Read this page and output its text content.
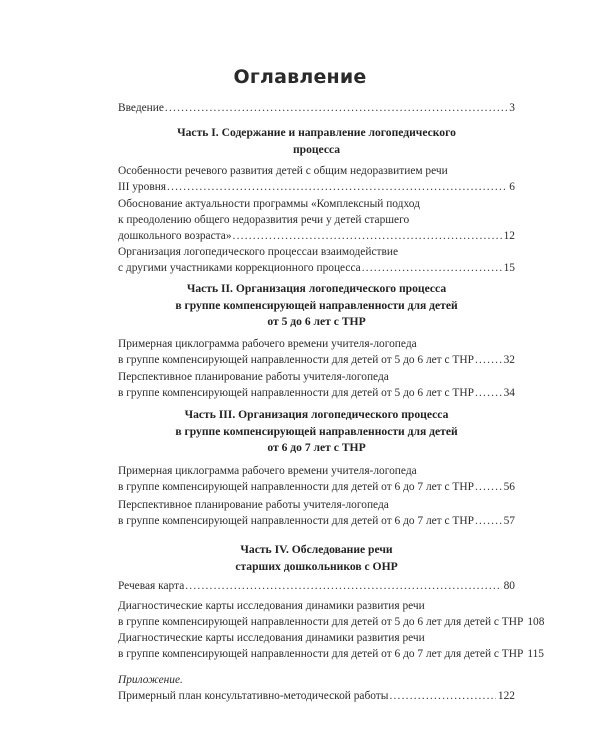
Оглавление
Введение .....	3
Часть I. Содержание и направление логопедического
процесса
Особенности речевого развития детей с общим недоразвитием речи
III уровня .....	6
Обоснование актуальности программы «Комплексный подход
к преодолению общего недоразвития речи у детей старшего
дошкольного возраста» .....	12
Организация логопедического процессаи взаимодействие
с другими участниками коррекционного процесса .....	15
Часть II. Организация логопедического процесса
в группе компенсирующей направленности для детей
от 5 до 6 лет с ТНР
Примерная циклограмма рабочего времени учителя-логопеда
в группе компенсирующей направленности для детей от 5 до 6 лет с ТНР .....	32
Перспективное планирование работы учителя-логопеда
в группе компенсирующей направленности для детей от 5 до 6 лет с ТНР .....	34
Часть III. Организация логопедического процесса
в группе компенсирующей направленности для детей
от 6 до 7 лет с ТНР
Примерная циклограмма рабочего времени учителя-логопеда
в группе компенсирующей направленности для детей от 6 до 7 лет с ТНР .....	56
Перспективное планирование работы учителя-логопеда
в группе компенсирующей направленности для детей от 6 до 7 лет с ТНР .....	57
Часть IV. Обследование речи
старших дошкольников с ОНР
Речевая карта .....	80
Диагностические карты исследования динамики развития речи
в группе компенсирующей направленности для детей от 5 до 6 лет для детей с ТНР ..... 108
Диагностические карты исследования динамики развития речи
в группе компенсирующей направленности для детей от 6 до 7 лет для детей с ТНР ..... 115
Приложение.
Примерный план консультативно-методической работы .....	122
